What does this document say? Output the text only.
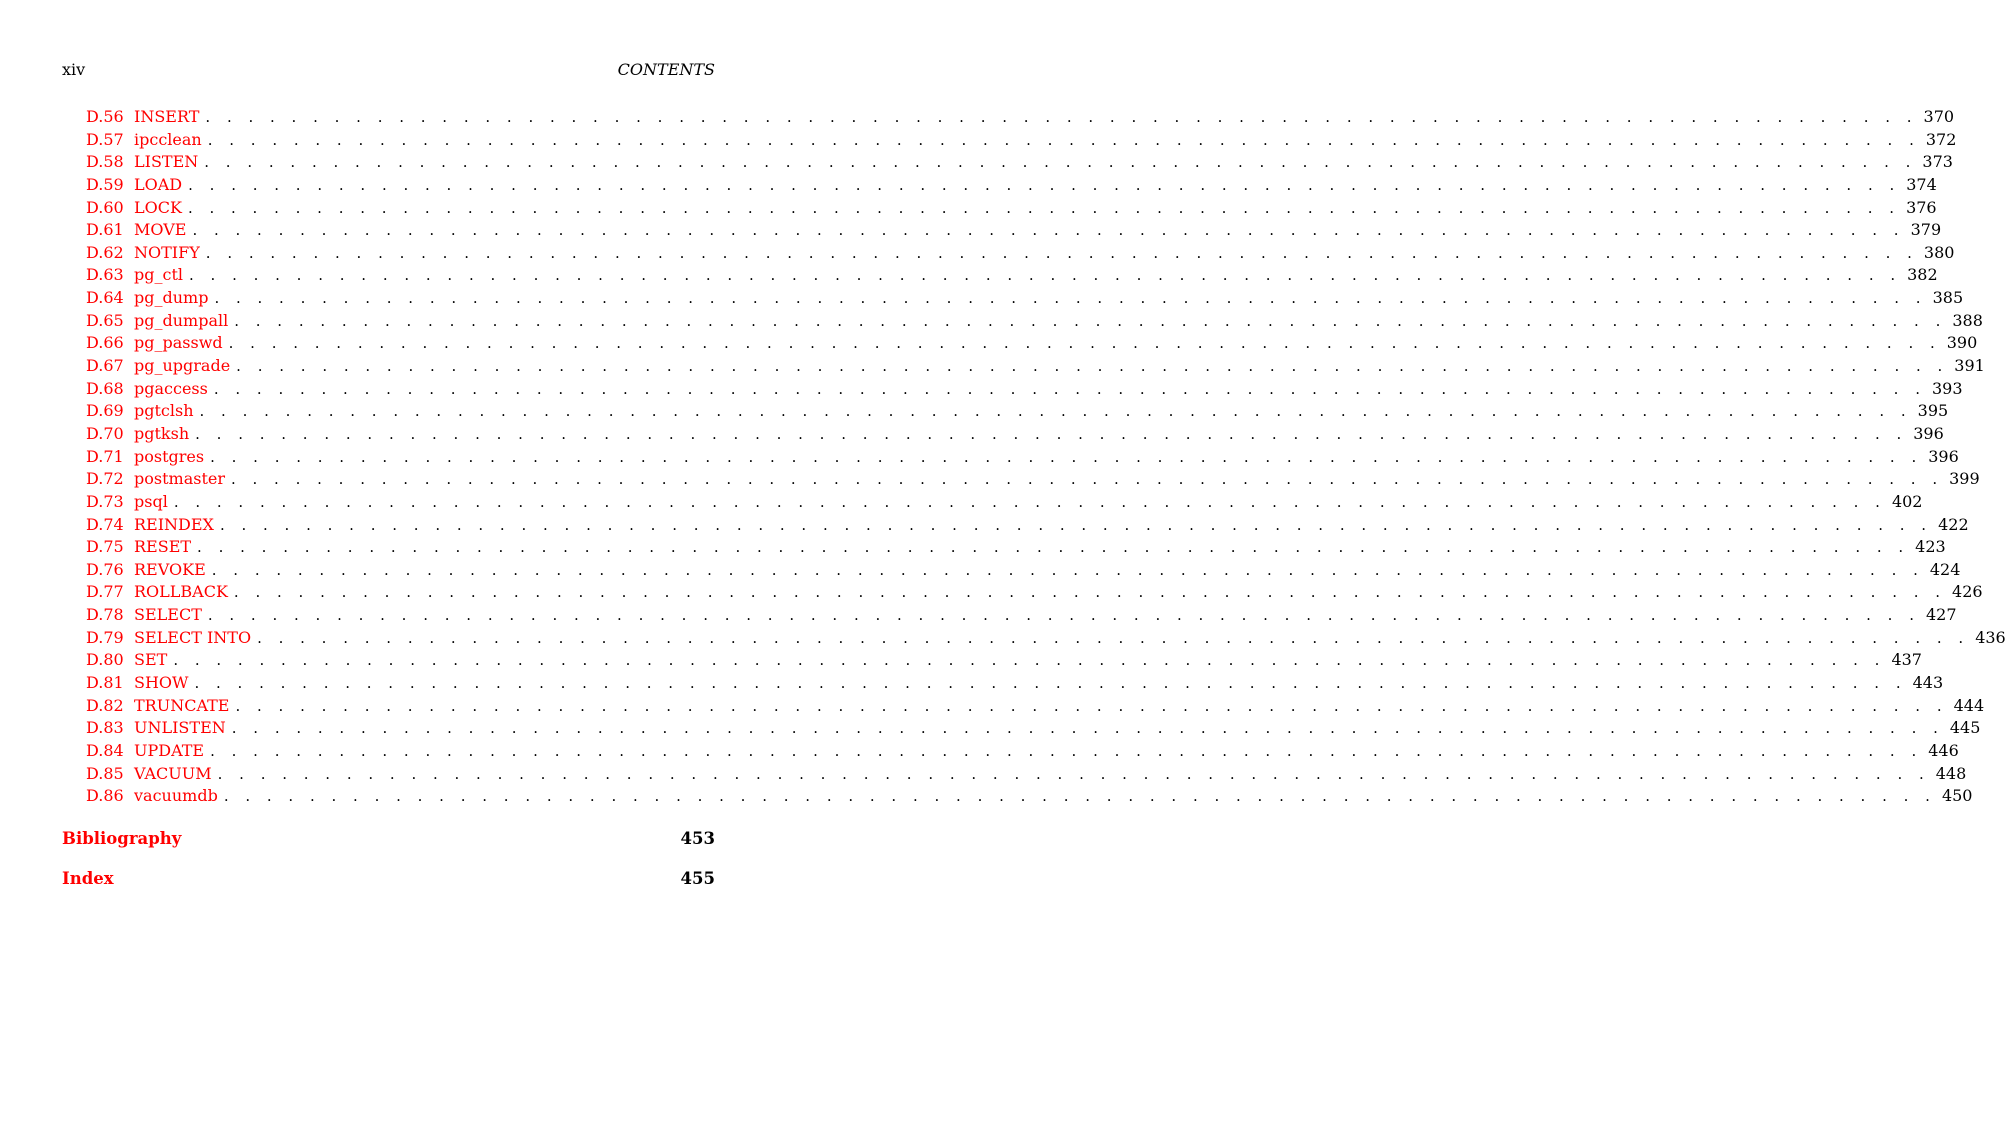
xiv	CONTENTS
D.56 INSERT . . . . . . . . . . . . . . . . . . . . . . . . . . . . . . . . . . . . . . . . . . . . . . . . . . . . . . . . . . . . . . . . . . . . . . . . . . . . . . . . 370
D.57 ipcclean . . . . . . . . . . . . . . . . . . . . . . . . . . . . . . . . . . . . . . . . . . . . . . . . . . . . . . . . . . . . . . . . . . . . . . . . . . . . . . . . 372
D.58 LISTEN . . . . . . . . . . . . . . . . . . . . . . . . . . . . . . . . . . . . . . . . . . . . . . . . . . . . . . . . . . . . . . . . . . . . . . . . . . . . . . . . 373
D.59 LOAD . . . . . . . . . . . . . . . . . . . . . . . . . . . . . . . . . . . . . . . . . . . . . . . . . . . . . . . . . . . . . . . . . . . . . . . . . . . . . . . . 374
D.60 LOCK . . . . . . . . . . . . . . . . . . . . . . . . . . . . . . . . . . . . . . . . . . . . . . . . . . . . . . . . . . . . . . . . . . . . . . . . . . . . . . . . 376
D.61 MOVE . . . . . . . . . . . . . . . . . . . . . . . . . . . . . . . . . . . . . . . . . . . . . . . . . . . . . . . . . . . . . . . . . . . . . . . . . . . . . . . . 379
D.62 NOTIFY . . . . . . . . . . . . . . . . . . . . . . . . . . . . . . . . . . . . . . . . . . . . . . . . . . . . . . . . . . . . . . . . . . . . . . . . . . . . . . . . 380
D.63 pg_ctl . . . . . . . . . . . . . . . . . . . . . . . . . . . . . . . . . . . . . . . . . . . . . . . . . . . . . . . . . . . . . . . . . . . . . . . . . . . . . . . . 382
D.64 pg_dump . . . . . . . . . . . . . . . . . . . . . . . . . . . . . . . . . . . . . . . . . . . . . . . . . . . . . . . . . . . . . . . . . . . . . . . . . . . . . . . . 385
D.65 pg_dumpall . . . . . . . . . . . . . . . . . . . . . . . . . . . . . . . . . . . . . . . . . . . . . . . . . . . . . . . . . . . . . . . . . . . . . . . . . . . . . . . . 388
D.66 pg_passwd . . . . . . . . . . . . . . . . . . . . . . . . . . . . . . . . . . . . . . . . . . . . . . . . . . . . . . . . . . . . . . . . . . . . . . . . . . . . . . . . 390
D.67 pg_upgrade . . . . . . . . . . . . . . . . . . . . . . . . . . . . . . . . . . . . . . . . . . . . . . . . . . . . . . . . . . . . . . . . . . . . . . . . . . . . . . . . 391
D.68 pgaccess . . . . . . . . . . . . . . . . . . . . . . . . . . . . . . . . . . . . . . . . . . . . . . . . . . . . . . . . . . . . . . . . . . . . . . . . . . . . . . . . 393
D.69 pgtclsh . . . . . . . . . . . . . . . . . . . . . . . . . . . . . . . . . . . . . . . . . . . . . . . . . . . . . . . . . . . . . . . . . . . . . . . . . . . . . . . . 395
D.70 pgtksh . . . . . . . . . . . . . . . . . . . . . . . . . . . . . . . . . . . . . . . . . . . . . . . . . . . . . . . . . . . . . . . . . . . . . . . . . . . . . . . . 396
D.71 postgres . . . . . . . . . . . . . . . . . . . . . . . . . . . . . . . . . . . . . . . . . . . . . . . . . . . . . . . . . . . . . . . . . . . . . . . . . . . . . . . . 396
D.72 postmaster . . . . . . . . . . . . . . . . . . . . . . . . . . . . . . . . . . . . . . . . . . . . . . . . . . . . . . . . . . . . . . . . . . . . . . . . . . . . . . . . 399
D.73 psql . . . . . . . . . . . . . . . . . . . . . . . . . . . . . . . . . . . . . . . . . . . . . . . . . . . . . . . . . . . . . . . . . . . . . . . . . . . . . . . . 402
D.74 REINDEX . . . . . . . . . . . . . . . . . . . . . . . . . . . . . . . . . . . . . . . . . . . . . . . . . . . . . . . . . . . . . . . . . . . . . . . . . . . . . . . . 422
D.75 RESET . . . . . . . . . . . . . . . . . . . . . . . . . . . . . . . . . . . . . . . . . . . . . . . . . . . . . . . . . . . . . . . . . . . . . . . . . . . . . . . . 423
D.76 REVOKE . . . . . . . . . . . . . . . . . . . . . . . . . . . . . . . . . . . . . . . . . . . . . . . . . . . . . . . . . . . . . . . . . . . . . . . . . . . . . . . . 424
D.77 ROLLBACK . . . . . . . . . . . . . . . . . . . . . . . . . . . . . . . . . . . . . . . . . . . . . . . . . . . . . . . . . . . . . . . . . . . . . . . . . . . . . . . . 426
D.78 SELECT . . . . . . . . . . . . . . . . . . . . . . . . . . . . . . . . . . . . . . . . . . . . . . . . . . . . . . . . . . . . . . . . . . . . . . . . . . . . . . . . 427
D.79 SELECT INTO . . . . . . . . . . . . . . . . . . . . . . . . . . . . . . . . . . . . . . . . . . . . . . . . . . . . . . . . . . . . . . . . . . . . . . . . . . . . . . . . 436
D.80 SET . . . . . . . . . . . . . . . . . . . . . . . . . . . . . . . . . . . . . . . . . . . . . . . . . . . . . . . . . . . . . . . . . . . . . . . . . . . . . . . . 437
D.81 SHOW . . . . . . . . . . . . . . . . . . . . . . . . . . . . . . . . . . . . . . . . . . . . . . . . . . . . . . . . . . . . . . . . . . . . . . . . . . . . . . . . 443
D.82 TRUNCATE . . . . . . . . . . . . . . . . . . . . . . . . . . . . . . . . . . . . . . . . . . . . . . . . . . . . . . . . . . . . . . . . . . . . . . . . . . . . . . . . 444
D.83 UNLISTEN . . . . . . . . . . . . . . . . . . . . . . . . . . . . . . . . . . . . . . . . . . . . . . . . . . . . . . . . . . . . . . . . . . . . . . . . . . . . . . . . 445
D.84 UPDATE . . . . . . . . . . . . . . . . . . . . . . . . . . . . . . . . . . . . . . . . . . . . . . . . . . . . . . . . . . . . . . . . . . . . . . . . . . . . . . . . 446
D.85 VACUUM . . . . . . . . . . . . . . . . . . . . . . . . . . . . . . . . . . . . . . . . . . . . . . . . . . . . . . . . . . . . . . . . . . . . . . . . . . . . . . . . 448
D.86 vacuumdb . . . . . . . . . . . . . . . . . . . . . . . . . . . . . . . . . . . . . . . . . . . . . . . . . . . . . . . . . . . . . . . . . . . . . . . . . . . . . . . . 450
Bibliography	453
Index	455
